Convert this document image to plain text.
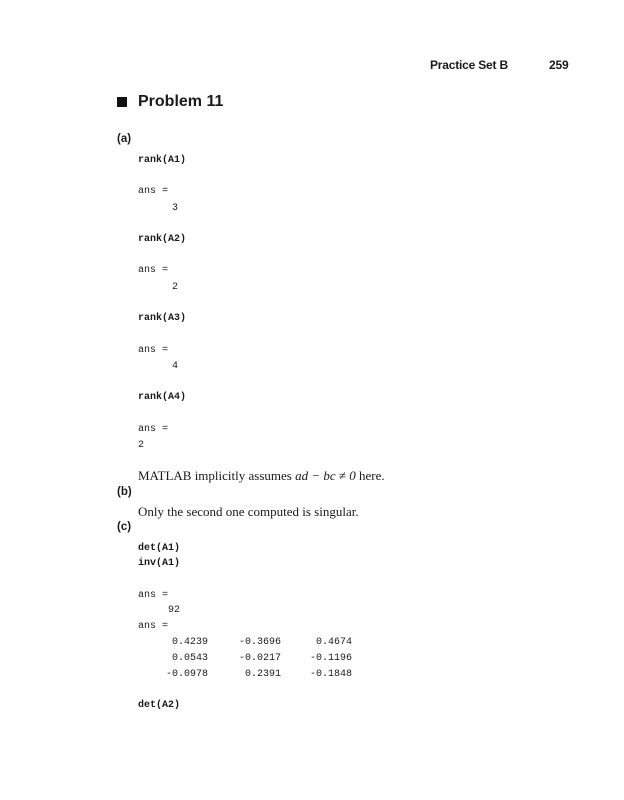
Practice Set B	259
Problem 11
(a)
rank(A1)
ans =
3
rank(A2)
ans =
2
rank(A3)
ans =
4
rank(A4)
ans =
2
MATLAB implicitly assumes ad − bc ≠ 0 here.
(b)
Only the second one computed is singular.
(c)
det(A1)
inv(A1)
ans =
92
ans =
0.4239	-0.3696	0.4674
0.0543	-0.0217	-0.1196
-0.0978	0.2391	-0.1848
det(A2)
